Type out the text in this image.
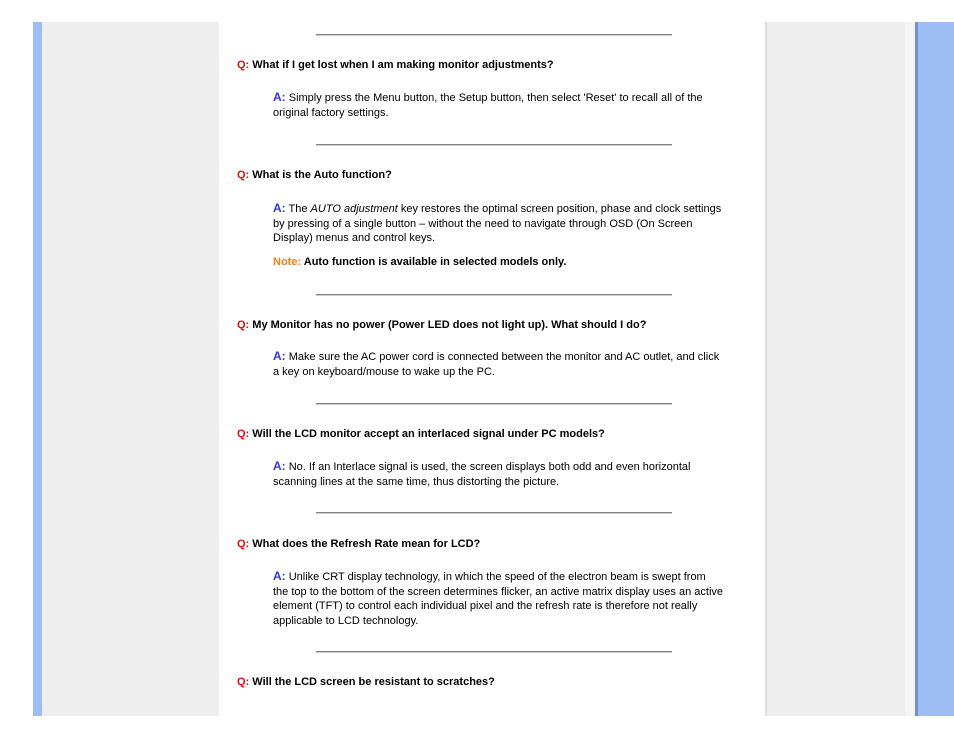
Q: What if I get lost when I am making monitor adjustments?
A: Simply press the Menu button, the Setup button, then select 'Reset' to recall all of the original factory settings.
Q: What is the Auto function?
A: The AUTO adjustment key restores the optimal screen position, phase and clock settings by pressing of a single button – without the need to navigate through OSD (On Screen Display) menus and control keys.
Note: Auto function is available in selected models only.
Q: My Monitor has no power (Power LED does not light up). What should I do?
A: Make sure the AC power cord is connected between the monitor and AC outlet, and click a key on keyboard/mouse to wake up the PC.
Q: Will the LCD monitor accept an interlaced signal under PC models?
A: No. If an Interlace signal is used, the screen displays both odd and even horizontal scanning lines at the same time, thus distorting the picture.
Q: What does the Refresh Rate mean for LCD?
A: Unlike CRT display technology, in which the speed of the electron beam is swept from the top to the bottom of the screen determines flicker, an active matrix display uses an active element (TFT) to control each individual pixel and the refresh rate is therefore not really applicable to LCD technology.
Q: Will the LCD screen be resistant to scratches?
